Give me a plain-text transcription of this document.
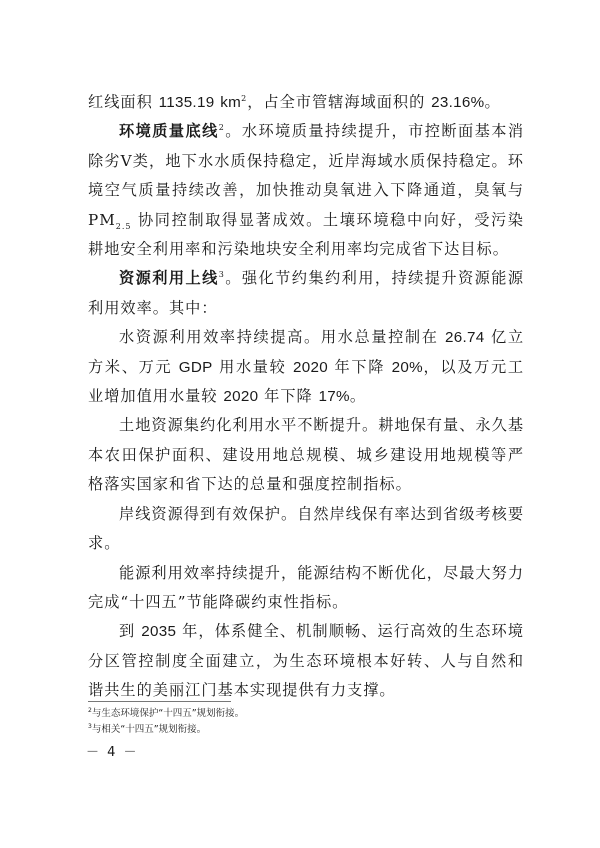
红线面积 1135.19 km$^2$，占全市管辖海域面积的 23.16%。

环境质量底线$^2$。水环境质量持续提升，市控断面基本消除劣Ⅴ类，地下水水质保持稳定，近岸海域水质保持稳定。环境空气质量持续改善，加快推动臭氧进入下降通道，臭氧与 $PM_{2.5}$ 协同控制取得显著成效。土壤环境稳中向好，受污染耕地安全利用率和污染地块安全利用率均完成省下达目标。

资源利用上线$^3$。强化节约集约利用，持续提升资源能源利用效率。其中：

水资源利用效率持续提高。用水总量控制在 26.74 亿立方米、万元 GDP 用水量较 2020 年下降 20%，以及万元工业增加值用水量较 2020 年下降 17%。

土地资源集约化利用水平不断提升。耕地保有量、永久基本农田保护面积、建设用地总规模、城乡建设用地规模等严格落实国家和省下达的总量和强度控制指标。

岸线资源得到有效保护。自然岸线保有率达到省级考核要求。

能源利用效率持续提升，能源结构不断优化，尽最大努力完成“十四五”节能降碳约束性指标。

到 2035 年，体系健全、机制顺畅、运行高效的生态环境分区管控制度全面建立，为生态环境根本好转、人与自然和谐共生的美丽江门基本实现提供有力支撑。

$^2$与生态环境保护“十四五”规划衔接。
$^3$与相关“十四五”规划衔接。
－ 4 －
